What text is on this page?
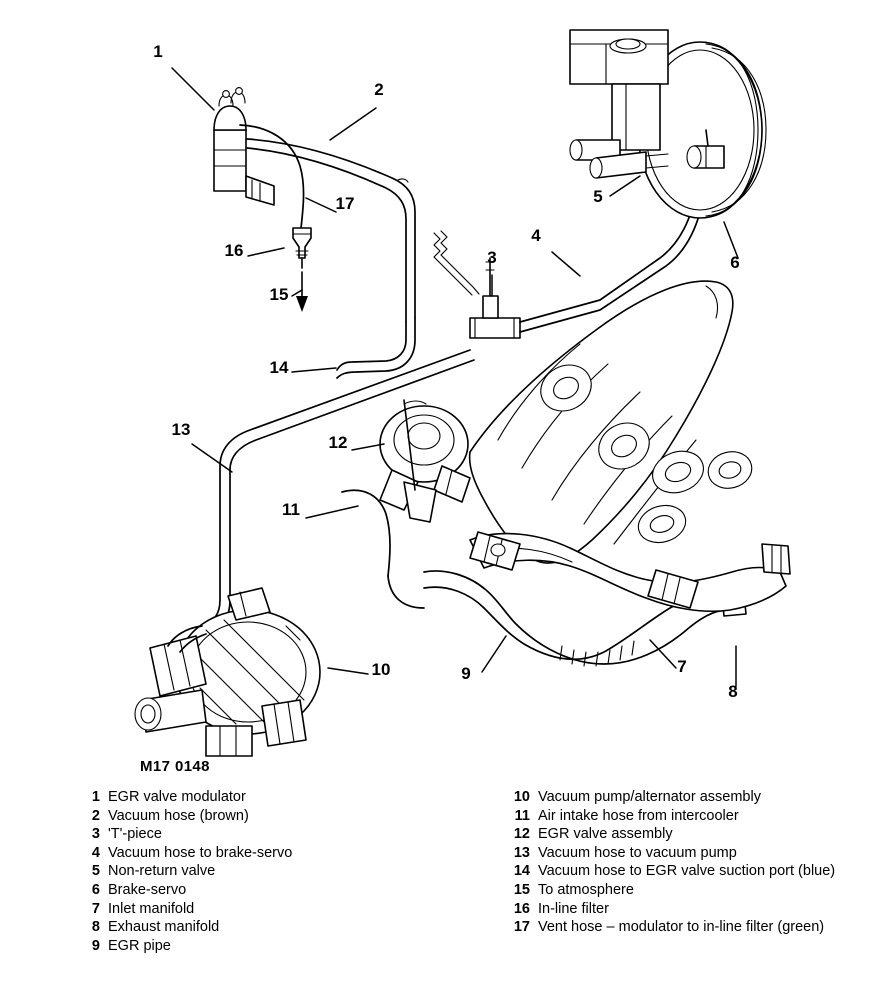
1
2
3
4
5
6
7
8
9
10
11
12
13
14
15
16
17
M17 0148
1 EGR valve modulator
2 Vacuum hose (brown)
3 'T'-piece
4 Vacuum hose to brake-servo
5 Non-return valve
6 Brake-servo
7 Inlet manifold
8 Exhaust manifold
9 EGR pipe
10 Vacuum pump/alternator assembly
11 Air intake hose from intercooler
12 EGR valve assembly
13 Vacuum hose to vacuum pump
14 Vacuum hose to EGR valve suction port (blue)
15 To atmosphere
16 In-line filter
17 Vent hose – modulator to in-line filter (green)
